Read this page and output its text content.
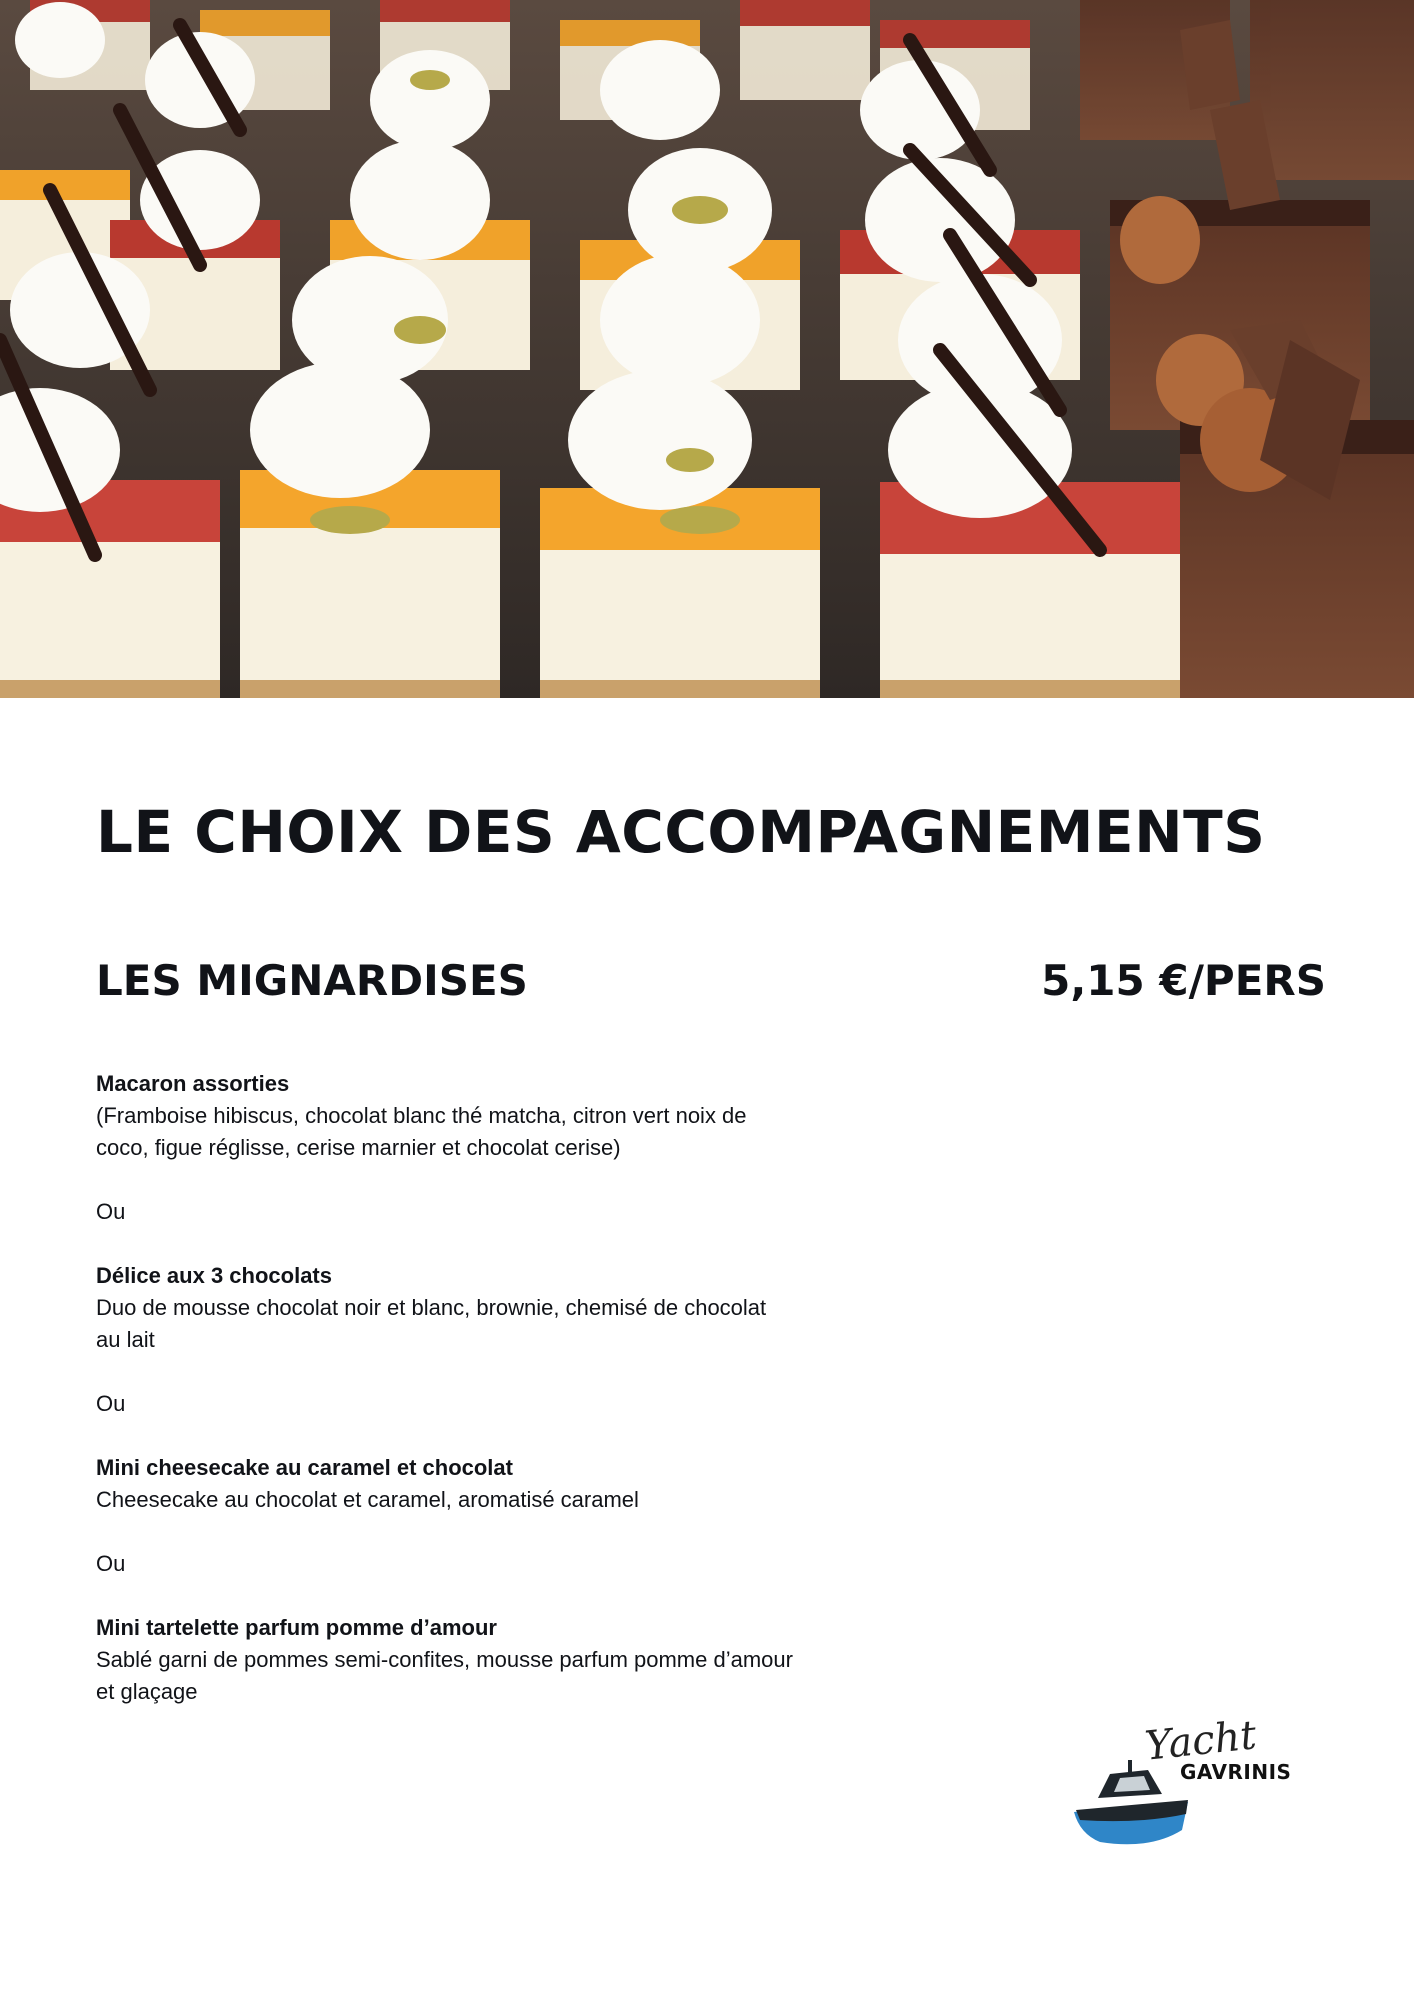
LE CHOIX DES ACCOMPAGNEMENTS
LES MIGNARDISES	5,15 €/PERS
Macaron assorties
(Framboise hibiscus, chocolat blanc thé matcha, citron vert noix de coco, figue réglisse, cerise marnier et chocolat cerise)
Ou
Délice aux 3 chocolats
Duo de mousse chocolat noir et blanc, brownie, chemisé de chocolat au lait
Ou
Mini cheesecake au caramel et chocolat
Cheesecake au chocolat et caramel, aromatisé caramel
Ou
Mini tartelette parfum pomme d’amour
Sablé garni de pommes semi-confites, mousse parfum pomme d’amour et glaçage
Yacht
GAVRINIS
